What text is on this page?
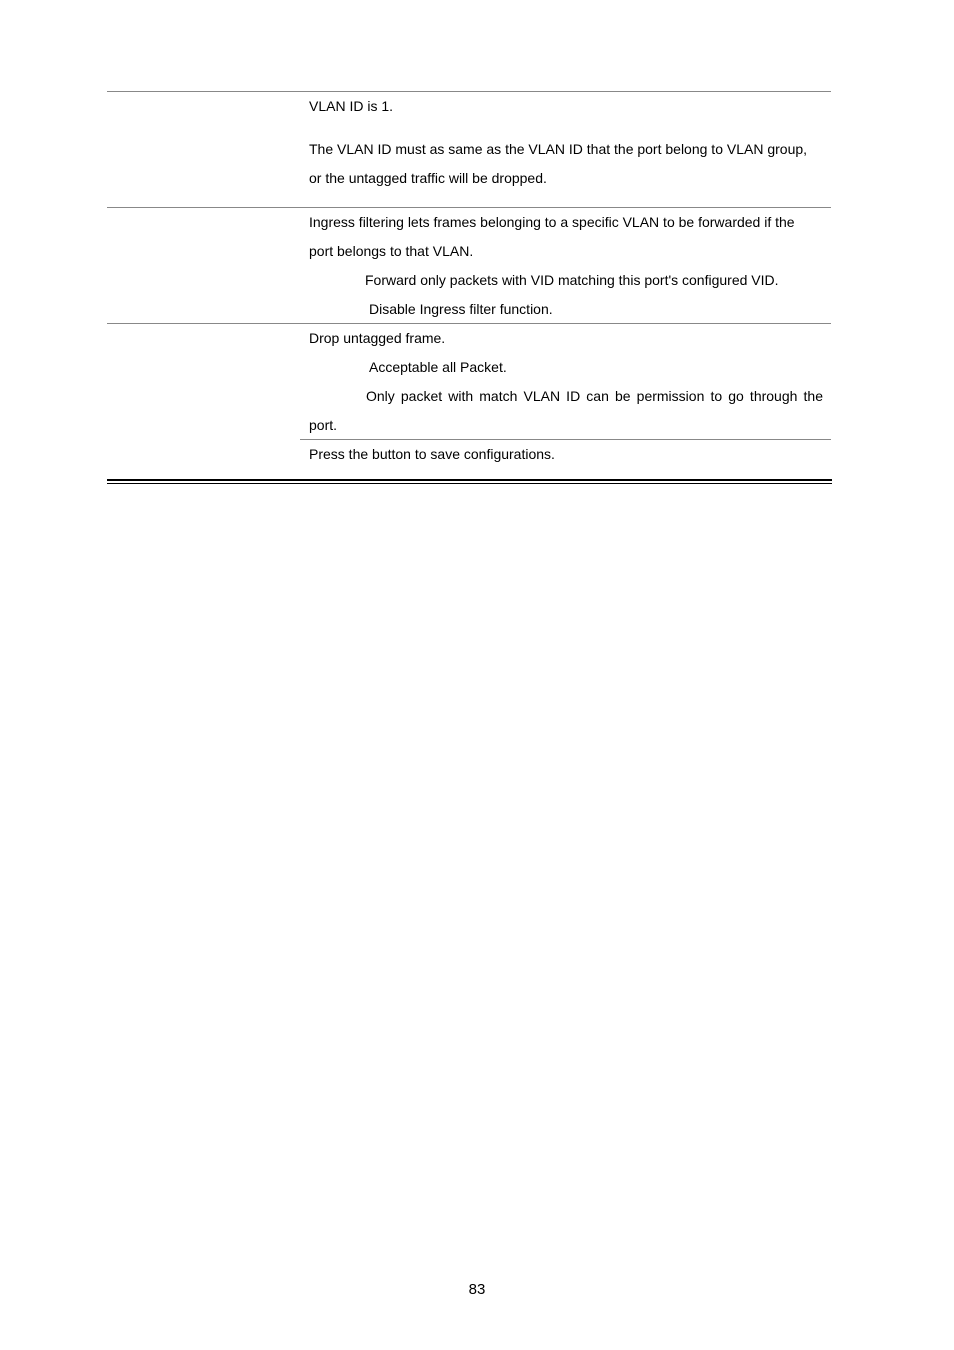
VLAN ID is 1.
The VLAN ID must as same as the VLAN ID that the port belong to VLAN group,
or the untagged traffic will be dropped.
Ingress filtering lets frames belonging to a specific VLAN to be forwarded if the
port belongs to that VLAN.
Forward only packets with VID matching this port's configured VID.
Disable Ingress filter function.
Drop untagged frame.
Acceptable all Packet.
Only packet with match VLAN ID can be permission to go through the
port.
Press the button to save configurations.
83
